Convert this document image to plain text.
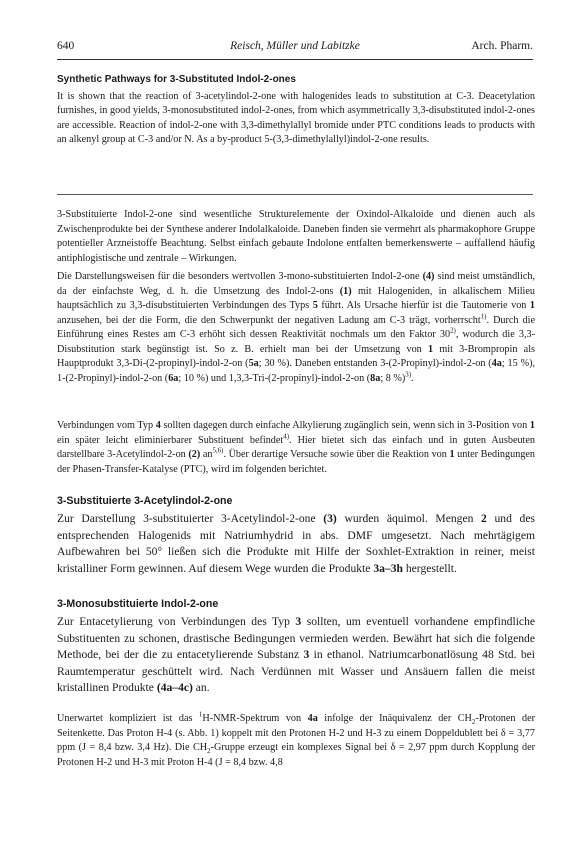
640	Reisch, Müller und Labitzke	Arch. Pharm.
Synthetic Pathways for 3-Substituted Indol-2-ones
It is shown that the reaction of 3-acetylindol-2-one with halogenides leads to substitution at C-3. Deacetylation furnishes, in good yields, 3-monosubstituted indol-2-ones, from which asymmetrically 3,3-disubstituted indol-2-ones are accessible. Reaction of indol-2-one with 3,3-dimethylallyl bromide under PTC conditions leads to products with an alkenyl group at C-3 and/or N. As a by-product 5-(3,3-dimethylallyl)indol-2-one results.
3-Substituierte Indol-2-one sind wesentliche Strukturelemente der Oxindol-Alkaloide und dienen auch als Zwischenprodukte bei der Synthese anderer Indolalkaloide. Daneben finden sie vermehrt als pharmakophore Gruppe potentieller Arzneistoffe Beachtung. Selbst einfach gebaute Indolone entfalten bemerkenswerte – auffallend häufig antiphlogistische und zentrale – Wirkungen.
Die Darstellungsweisen für die besonders wertvollen 3-mono-substituierten Indol-2-one (4) sind meist umständlich, da der einfachste Weg, d. h. die Umsetzung des Indol-2-ons (1) mit Halogeniden, in alkalischem Milieu hauptsächlich zu 3,3-disubstituierten Verbindungen des Typs 5 führt. Als Ursache hierfür ist die Tautomerie von 1 anzusehen, bei der die Form, die den Schwerpunkt der negativen Ladung am C-3 trägt, vorherrscht$^{1)}$. Durch die Einführung eines Restes am C-3 erhöht sich dessen Reaktivität nochmals um den Faktor 30$^{2)}$, wodurch die 3,3-Disubstitution stark begünstigt ist. So z. B. erhielt man bei der Umsetzung von 1 mit 3-Brompropin als Hauptprodukt 3,3-Di-(2-propinyl)-indol-2-on (5a; 30 %). Daneben entstanden 3-(2-Propinyl)-indol-2-on (4a; 15 %), 1-(2-Propinyl)-indol-2-on (6a; 10 %) und 1,3,3-Tri-(2-propinyl)-indol-2-on (8a; 8 %)$^{3)}$.
Verbindungen vom Typ 4 sollten dagegen durch einfache Alkylierung zugänglich sein, wenn sich in 3-Position von 1 ein später leicht eliminierbarer Substituent befindet$^{4)}$. Hier bietet sich das einfach und in guten Ausbeuten darstellbare 3-Acetylindol-2-on (2) an$^{5,6)}$. Über derartige Versuche sowie über die Reaktion von 1 unter Bedingungen der Phasen-Transfer-Katalyse (PTC), wird im folgenden berichtet.
3-Substituierte 3-Acetylindol-2-one
Zur Darstellung 3-substituierter 3-Acetylindol-2-one (3) wurden äquimol. Mengen 2 und des entsprechenden Halogenids mit Natriumhydrid in abs. DMF umgesetzt. Nach mehrtägigem Aufbewahren bei 50° ließen sich die Produkte mit Hilfe der Soxhlet-Extraktion in reiner, meist kristalliner Form gewinnen. Auf diesem Wege wurden die Produkte 3a–3h hergestellt.
3-Monosubstituierte Indol-2-one
Zur Entacetylierung von Verbindungen des Typ 3 sollten, um eventuell vorhandene empfindliche Substituenten zu schonen, drastische Bedingungen vermieden werden. Bewährt hat sich die folgende Methode, bei der die zu entacetylierende Substanz 3 in ethanol. Natriumcarbonatlösung 48 Std. bei Raumtemperatur geschüttelt wird. Nach Verdünnen mit Wasser und Ansäuern fallen die meist kristallinen Produkte (4a–4c) an.
Unerwartet kompliziert ist das $^1$H-NMR-Spektrum von 4a infolge der Inäquivalenz der $CH_2$-Protonen der Seitenkette. Das Proton H-4 (s. Abb. 1) koppelt mit den Protonen H-2 und H-3 zu einem Doppeldublett bei δ = 3,77 ppm (J = 8,4 bzw. 3,4 Hz). Die $CH_2$-Gruppe erzeugt ein komplexes Signal bei δ = 2,97 ppm durch Kopplung der Protonen H-2 und H-3 mit Proton H-4 (J = 8,4 bzw. 4,8
